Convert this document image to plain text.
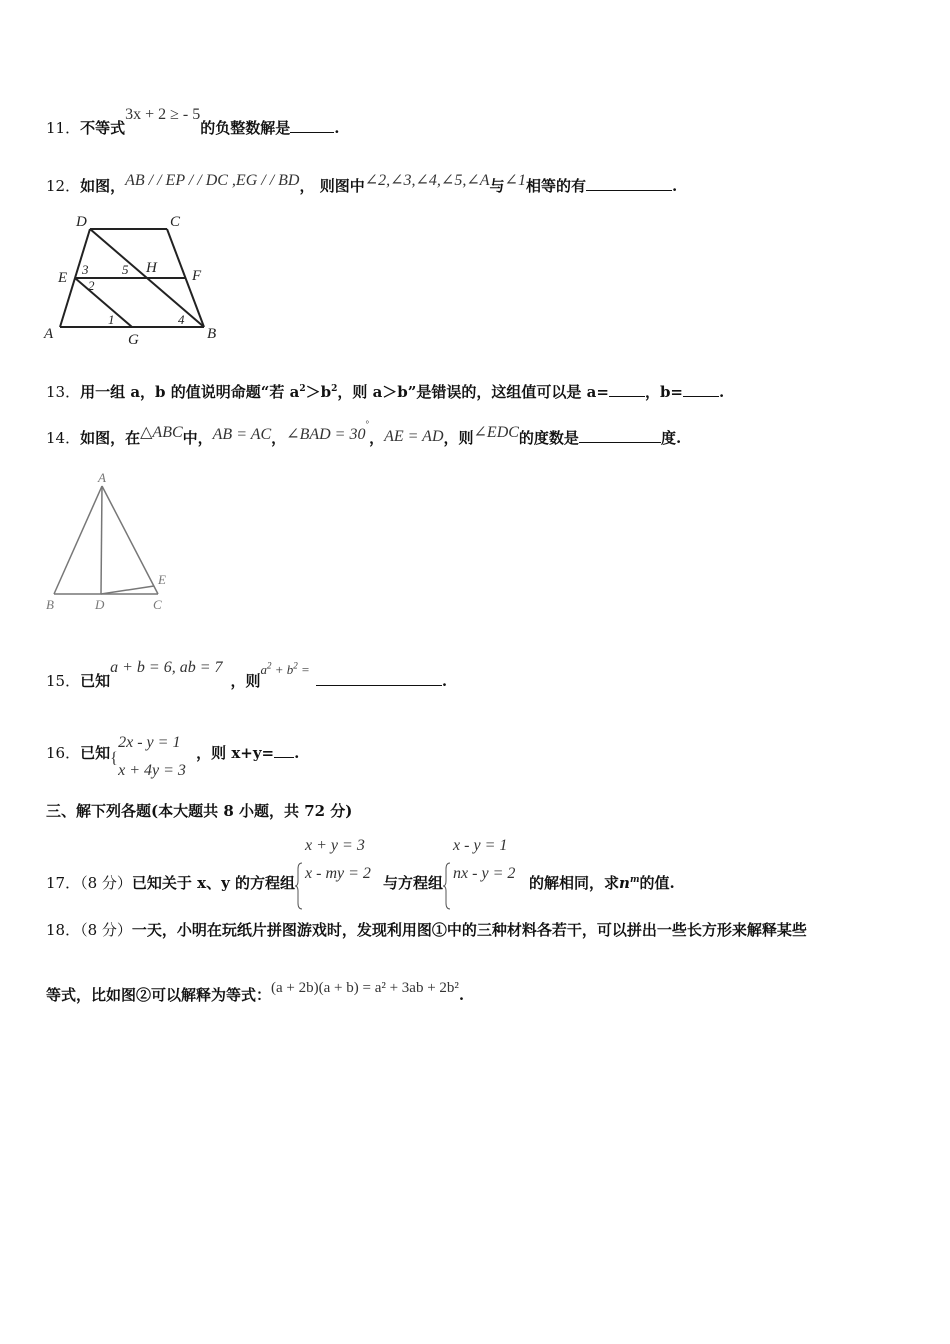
11．不等式3x + 2 ≥ - 5的负整数解是	.
12．如图，AB / / EP / / DC ,EG / / BD， 则图中∠2,∠3,∠4,∠5,∠A与∠1相等的有	.
D	C
E
3	5 H F
2
1	4
A	G	B
13．用一组 a，b 的值说明命题“若 $a^2>b^2$，则 a＞b”是错误的，这组值可以是 a= ，b= .
14．如图，在△ABC中，AB = AC，∠BAD = 30°，AE = AD，则∠EDC的度数是	度.
A
E
B	D	C
15．已知a + b = 6, ab = 7，则$a^2 + b^2$ =.
16．已知 {
2x - y = 1
x + 4y = 3
，则 x+y= .
三、解下列各题(本大题共 8 小题，共 72 分)
17．（8 分）已知关于 x、y 的方程组
x + y = 3
x - my = 2
与方程组
x - y = 1
nx - y = 2
的解相同，求$n^m$的值.
18．（8 分）一天，小明在玩纸片拼图游戏时，发现利用图①中的三种材料各若干，可以拼出一些长方形来解释某些
等式，比如图②可以解释为等式：(a + 2b)(a + b) = a² + 3ab + 2b².
